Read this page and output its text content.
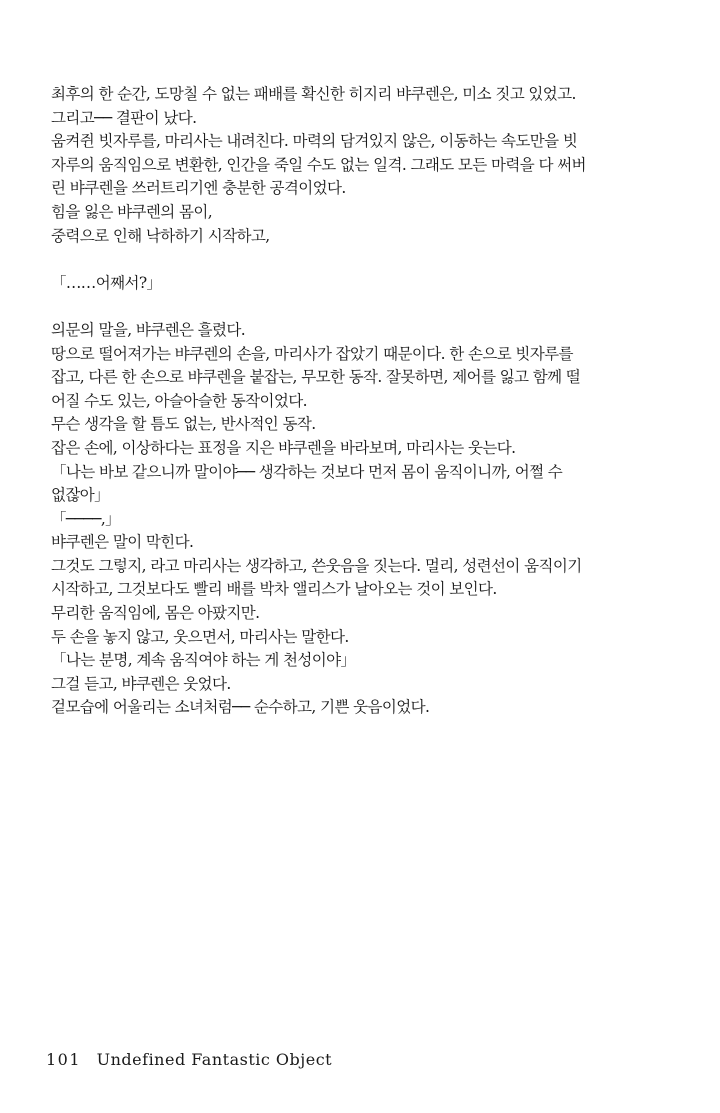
최후의 한 순간, 도망칠 수 없는 패배를 확신한 히지리 뱌쿠렌은, 미소 짓고 있었고.
그리고── 결판이 났다.
움켜쥔 빗자루를, 마리사는 내려친다. 마력의 담겨있지 않은, 이동하는 속도만을 빗
자루의 움직임으로 변환한, 인간을 죽일 수도 없는 일격. 그래도 모든 마력을 다 써버
린 뱌쿠렌을 쓰러트리기엔 충분한 공격이었다.
힘을 잃은 뱌쿠렌의 몸이,
중력으로 인해 낙하하기 시작하고,
「……어째서?」
의문의 말을, 뱌쿠렌은 흘렸다.
땅으로 떨어져가는 뱌쿠렌의 손을, 마리사가 잡았기 때문이다. 한 손으로 빗자루를
잡고, 다른 한 손으로 뱌쿠렌을 붙잡는, 무모한 동작. 잘못하면, 제어를 잃고 함께 떨
어질 수도 있는, 아슬아슬한 동작이었다.
무슨 생각을 할 틈도 없는, 반사적인 동작.
잡은 손에, 이상하다는 표정을 지은 뱌쿠렌을 바라보며, 마리사는 웃는다.
「나는 바보 같으니까 말이야── 생각하는 것보다 먼저 몸이 움직이니까, 어쩔 수
없잖아」
「────,」
뱌쿠렌은 말이 막힌다.
그것도 그렇지, 라고 마리사는 생각하고, 쓴웃음을 짓는다. 멀리, 성련선이 움직이기
시작하고, 그것보다도 빨리 배를 박차 앨리스가 날아오는 것이 보인다.
무리한 움직임에, 몸은 아팠지만.
두 손을 놓지 않고, 웃으면서, 마리사는 말한다.
「나는 분명, 계속 움직여야 하는 게 천성이야」
그걸 듣고, 뱌쿠렌은 웃었다.
겉모습에 어울리는 소녀처럼── 순수하고, 기쁜 웃음이었다.
101 Undefined Fantastic Object
